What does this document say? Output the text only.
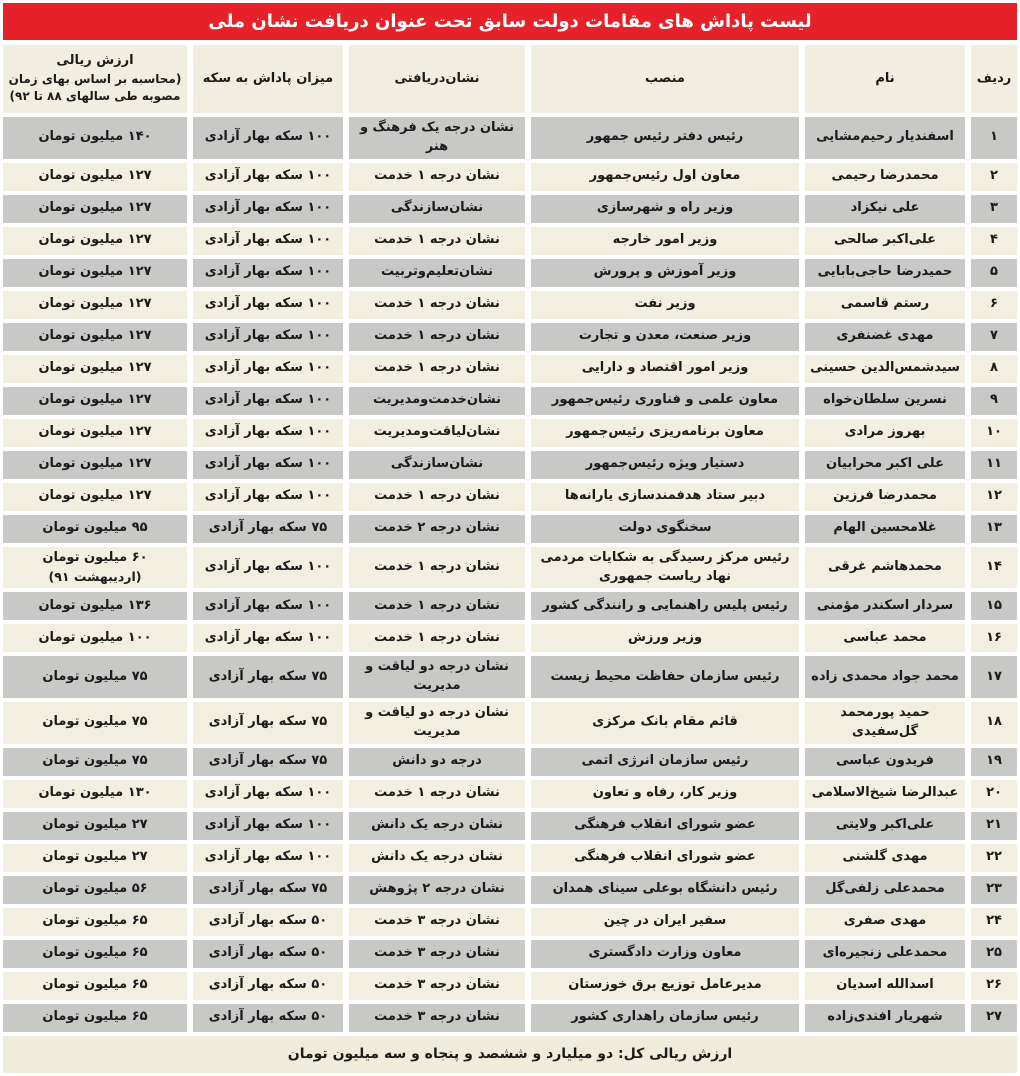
لیست پاداش های مقامات دولت سابق تحت عنوان دریافت نشان ملی
ردیف
نام
منصب
نشان‌دریافتی
میزان پاداش به سکه
ارزش ریالی
(محاسبه بر اساس بهای زمان مصوبه طی سالهای ۸۸ تا ۹۲)
۱
اسفندیار رحیم‌مشایی
رئیس دفتر رئیس جمهور
نشان درجه یک فرهنگ و هنر
۱۰۰ سکه بهار آزادی
۱۴۰ میلیون تومان
۲
محمدرضا رحیمی
معاون اول رئیس‌جمهور
نشان درجه ۱ خدمت
۱۰۰ سکه بهار آزادی
۱۲۷ میلیون تومان
۳
علی نیکزاد
وزیر راه و شهرسازی
نشان‌سازندگی
۱۰۰ سکه بهار آزادی
۱۲۷ میلیون تومان
۴
علی‌اکبر صالحی
وزیر امور خارجه
نشان درجه ۱ خدمت
۱۰۰ سکه بهار آزادی
۱۲۷ میلیون تومان
۵
حمیدرضا حاجی‌بابایی
وزیر آموزش و پرورش
نشان‌تعلیم‌وتربیت
۱۰۰ سکه بهار آزادی
۱۲۷ میلیون تومان
۶
رستم قاسمی
وزیر نفت
نشان درجه ۱ خدمت
۱۰۰ سکه بهار آزادی
۱۲۷ میلیون تومان
۷
مهدی غضنفری
وزیر صنعت، معدن و تجارت
نشان درجه ۱ خدمت
۱۰۰ سکه بهار آزادی
۱۲۷ میلیون تومان
۸
سیدشمس‌الدین حسینی
وزیر امور اقتصاد و دارایی
نشان درجه ۱ خدمت
۱۰۰ سکه بهار آزادی
۱۲۷ میلیون تومان
۹
نسرین سلطان‌خواه
معاون علمی و فناوری رئیس‌جمهور
نشان‌خدمت‌ومدیریت
۱۰۰ سکه بهار آزادی
۱۲۷ میلیون تومان
۱۰
بهروز مرادی
معاون برنامه‌ریزی رئیس‌جمهور
نشان‌لیاقت‌ومدیریت
۱۰۰ سکه بهار آزادی
۱۲۷ میلیون تومان
۱۱
علی اکبر محرابیان
دستیار ویژه رئیس‌جمهور
نشان‌سازندگی
۱۰۰ سکه بهار آزادی
۱۲۷ میلیون تومان
۱۲
محمدرضا فرزین
دبیر ستاد هدفمندسازی یارانه‌ها
نشان درجه ۱ خدمت
۱۰۰ سکه بهار آزادی
۱۲۷ میلیون تومان
۱۳
غلامحسین الهام
سخنگوی دولت
نشان درجه ۲ خدمت
۷۵ سکه بهار آزادی
۹۵ میلیون تومان
۱۴
محمدهاشم غرقی
رئیس مرکز رسیدگی به شکایات مردمی نهاد ریاست جمهوری
نشان درجه ۱ خدمت
۱۰۰ سکه بهار آزادی
۶۰ میلیون تومان
(اردیبهشت ۹۱)
۱۵
سردار اسکندر مؤمنی
رئیس پلیس راهنمایی و رانندگی کشور
نشان درجه ۱ خدمت
۱۰۰ سکه بهار آزادی
۱۳۶ میلیون تومان
۱۶
محمد عباسی
وزیر ورزش
نشان درجه ۱ خدمت
۱۰۰ سکه بهار آزادی
۱۰۰ میلیون تومان
۱۷
محمد جواد محمدی زاده
رئیس سازمان حفاظت محیط زیست
نشان درجه دو لیاقت و مدیریت
۷۵ سکه بهار آزادی
۷۵ میلیون تومان
۱۸
حمید پورمحمد گل‌سفیدی
قائم مقام بانک مرکزی
نشان درجه دو لیاقت و مدیریت
۷۵ سکه بهار آزادی
۷۵ میلیون تومان
۱۹
فریدون عباسی
رئیس سازمان انرژی اتمی
درجه دو دانش
۷۵ سکه بهار آزادی
۷۵ میلیون تومان
۲۰
عبدالرضا شیخ‌الاسلامی
وزیر کار، رفاه و تعاون
نشان درجه ۱ خدمت
۱۰۰ سکه بهار آزادی
۱۳۰ میلیون تومان
۲۱
علی‌اکبر ولایتی
عضو شورای انقلاب فرهنگی
نشان درجه یک دانش
۱۰۰ سکه بهار آزادی
۲۷ میلیون تومان
۲۲
مهدی گلشنی
عضو شورای انقلاب فرهنگی
نشان درجه یک دانش
۱۰۰ سکه بهار آزادی
۲۷ میلیون تومان
۲۳
محمدعلی زلفی‌گل
رئیس دانشگاه بوعلی سینای همدان
نشان درجه ۲ پژوهش
۷۵ سکه بهار آزادی
۵۶ میلیون تومان
۲۴
مهدی صفری
سفیر ایران در چین
نشان درجه ۳ خدمت
۵۰ سکه بهار آزادی
۶۵ میلیون تومان
۲۵
محمدعلی زنجیره‌ای
معاون وزارت دادگستری
نشان درجه ۳ خدمت
۵۰ سکه بهار آزادی
۶۵ میلیون تومان
۲۶
اسدالله اسدیان
مدیرعامل توزیع برق خوزستان
نشان درجه ۳ خدمت
۵۰ سکه بهار آزادی
۶۵ میلیون تومان
۲۷
شهریار افندی‌زاده
رئیس سازمان راهداری کشور
نشان درجه ۳ خدمت
۵۰ سکه بهار آزادی
۶۵ میلیون تومان
ارزش ریالی کل: دو میلیارد و ششصد و پنجاه و سه میلیون تومان
